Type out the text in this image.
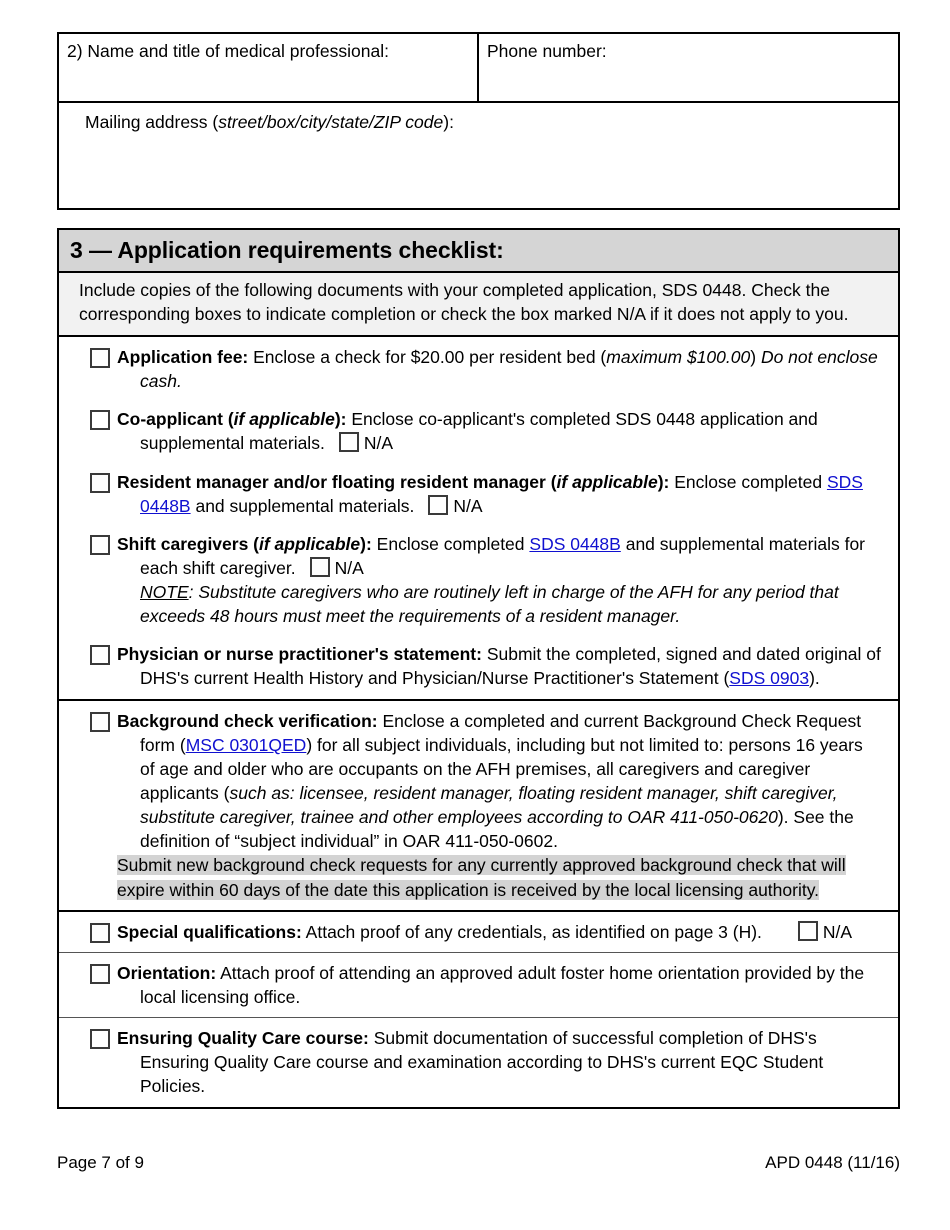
2) Name and title of medical professional:	Phone number:
Mailing address (street/box/city/state/ZIP code):
3 — Application requirements checklist:
Include copies of the following documents with your completed application, SDS 0448. Check the corresponding boxes to indicate completion or check the box marked N/A if it does not apply to you.
Application fee: Enclose a check for $20.00 per resident bed (maximum $100.00) Do not enclose cash.
Co-applicant (if applicable): Enclose co-applicant's completed SDS 0448 application and supplemental materials. N/A
Resident manager and/or floating resident manager (if applicable): Enclose completed SDS 0448B and supplemental materials. N/A
Shift caregivers (if applicable): Enclose completed SDS 0448B and supplemental materials for each shift caregiver. N/A
NOTE: Substitute caregivers who are routinely left in charge of the AFH for any period that exceeds 48 hours must meet the requirements of a resident manager.
Physician or nurse practitioner's statement: Submit the completed, signed and dated original of DHS's current Health History and Physician/Nurse Practitioner's Statement (SDS 0903).
Background check verification: Enclose a completed and current Background Check Request form (MSC 0301QED) for all subject individuals, including but not limited to: persons 16 years of age and older who are occupants on the AFH premises, all caregivers and caregiver applicants (such as: licensee, resident manager, floating resident manager, shift caregiver, substitute caregiver, trainee and other employees according to OAR 411-050-0620). See the definition of “subject individual” in OAR 411-050-0602.
Submit new background check requests for any currently approved background check that will expire within 60 days of the date this application is received by the local licensing authority.
Special qualifications: Attach proof of any credentials, as identified on page 3 (H).	N/A
Orientation: Attach proof of attending an approved adult foster home orientation provided by the local licensing office.
Ensuring Quality Care course: Submit documentation of successful completion of DHS's Ensuring Quality Care course and examination according to DHS's current EQC Student Policies.
Page 7 of 9	APD 0448 (11/16)
